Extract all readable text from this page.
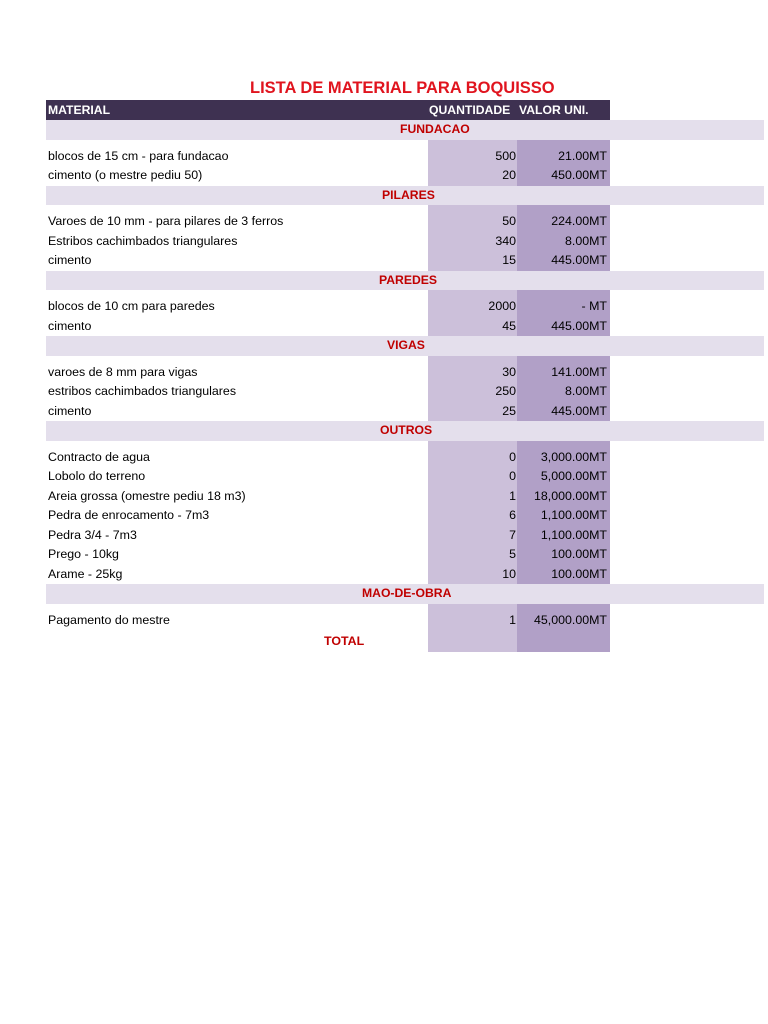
LISTA DE MATERIAL PARA BOQUISSO
MATERIAL	QUANTIDADE VALOR UNI.
FUNDACAO
blocos de 15 cm - para fundacao	500	21.00MT
cimento (o mestre pediu 50)	20	450.00MT
PILARES
Varoes de 10 mm - para pilares de 3 ferros	50	224.00MT
Estribos cachimbados triangulares	340	8.00MT
cimento	15	445.00MT
PAREDES
blocos de 10 cm para paredes	2000	- MT
cimento	45	445.00MT
VIGAS
varoes de 8 mm para vigas	30	141.00MT
estribos cachimbados triangulares	250	8.00MT
cimento	25	445.00MT
OUTROS
Contracto de agua	0	3,000.00MT
Lobolo do terreno	0	5,000.00MT
Areia grossa (omestre pediu 18 m3)	1	18,000.00MT
Pedra de enrocamento - 7m3	6	1,100.00MT
Pedra 3/4 - 7m3	7	1,100.00MT
Prego - 10kg	5	100.00MT
Arame - 25kg	10	100.00MT
MAO-DE-OBRA
Pagamento do mestre	1	45,000.00MT
TOTAL
